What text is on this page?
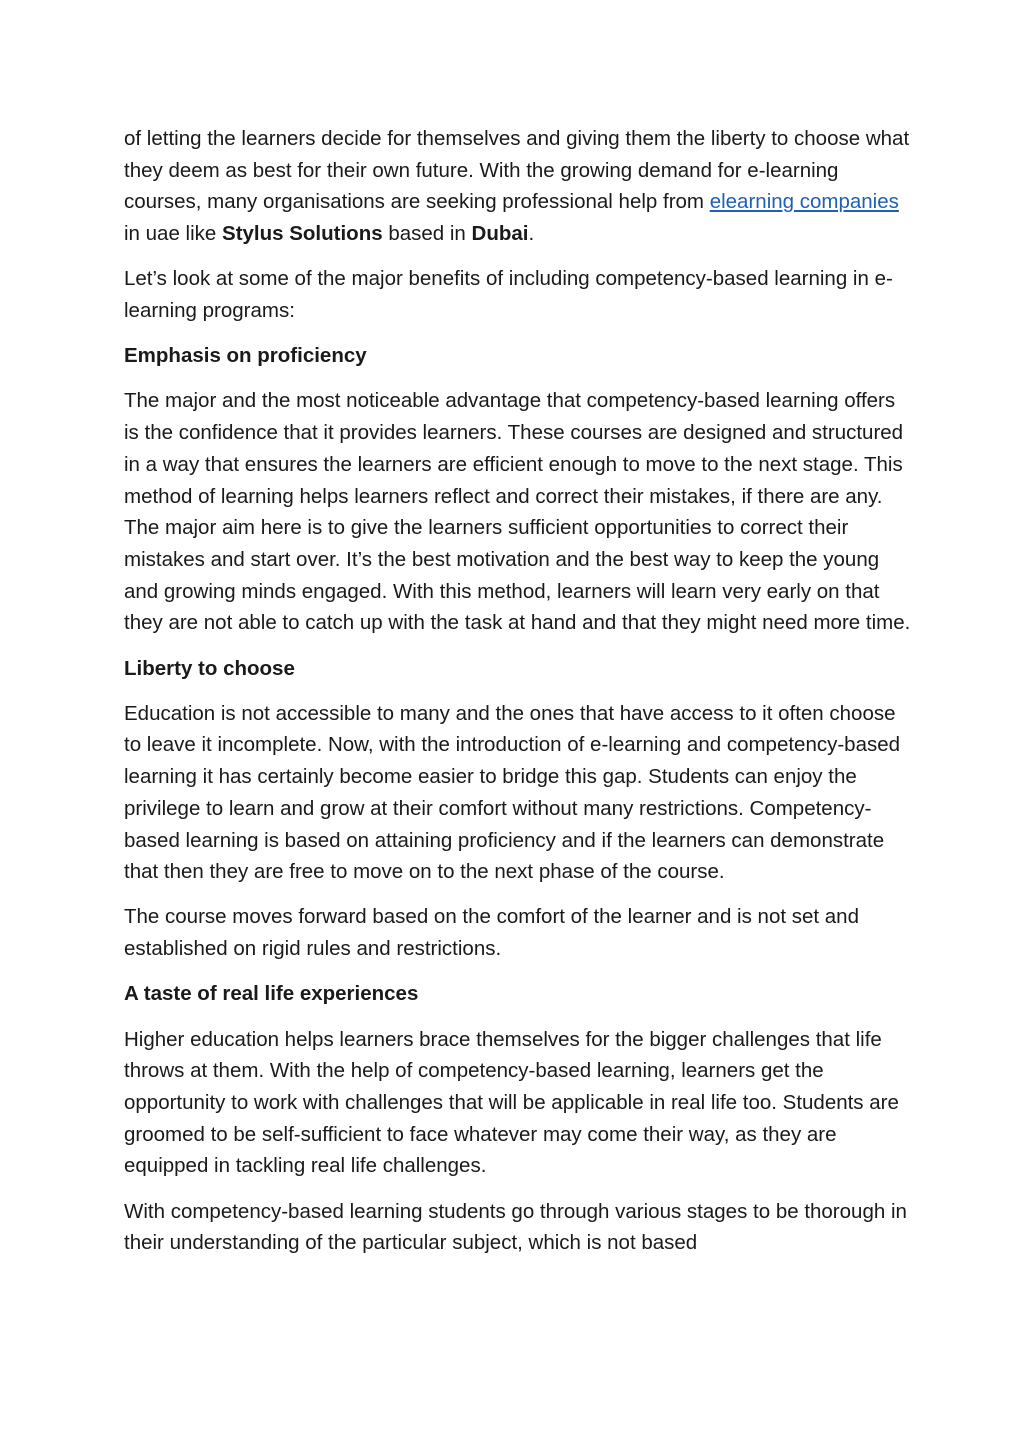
of letting the learners decide for themselves and giving them the liberty to choose what they deem as best for their own future. With the growing demand for e-learning courses, many organisations are seeking professional help from elearning companies in uae like Stylus Solutions based in Dubai.

Let’s look at some of the major benefits of including competency-based learning in e-learning programs:

Emphasis on proficiency

The major and the most noticeable advantage that competency-based learning offers is the confidence that it provides learners. These courses are designed and structured in a way that ensures the learners are efficient enough to move to the next stage. This method of learning helps learners reflect and correct their mistakes, if there are any. The major aim here is to give the learners sufficient opportunities to correct their mistakes and start over. It’s the best motivation and the best way to keep the young and growing minds engaged. With this method, learners will learn very early on that they are not able to catch up with the task at hand and that they might need more time.

Liberty to choose

Education is not accessible to many and the ones that have access to it often choose to leave it incomplete. Now, with the introduction of e-learning and competency-based learning it has certainly become easier to bridge this gap. Students can enjoy the privilege to learn and grow at their comfort without many restrictions. Competency-based learning is based on attaining proficiency and if the learners can demonstrate that then they are free to move on to the next phase of the course.

The course moves forward based on the comfort of the learner and is not set and established on rigid rules and restrictions.

A taste of real life experiences

Higher education helps learners brace themselves for the bigger challenges that life throws at them. With the help of competency-based learning, learners get the opportunity to work with challenges that will be applicable in real life too. Students are groomed to be self-sufficient to face whatever may come their way, as they are equipped in tackling real life challenges.

With competency-based learning students go through various stages to be thorough in their understanding of the particular subject, which is not based
